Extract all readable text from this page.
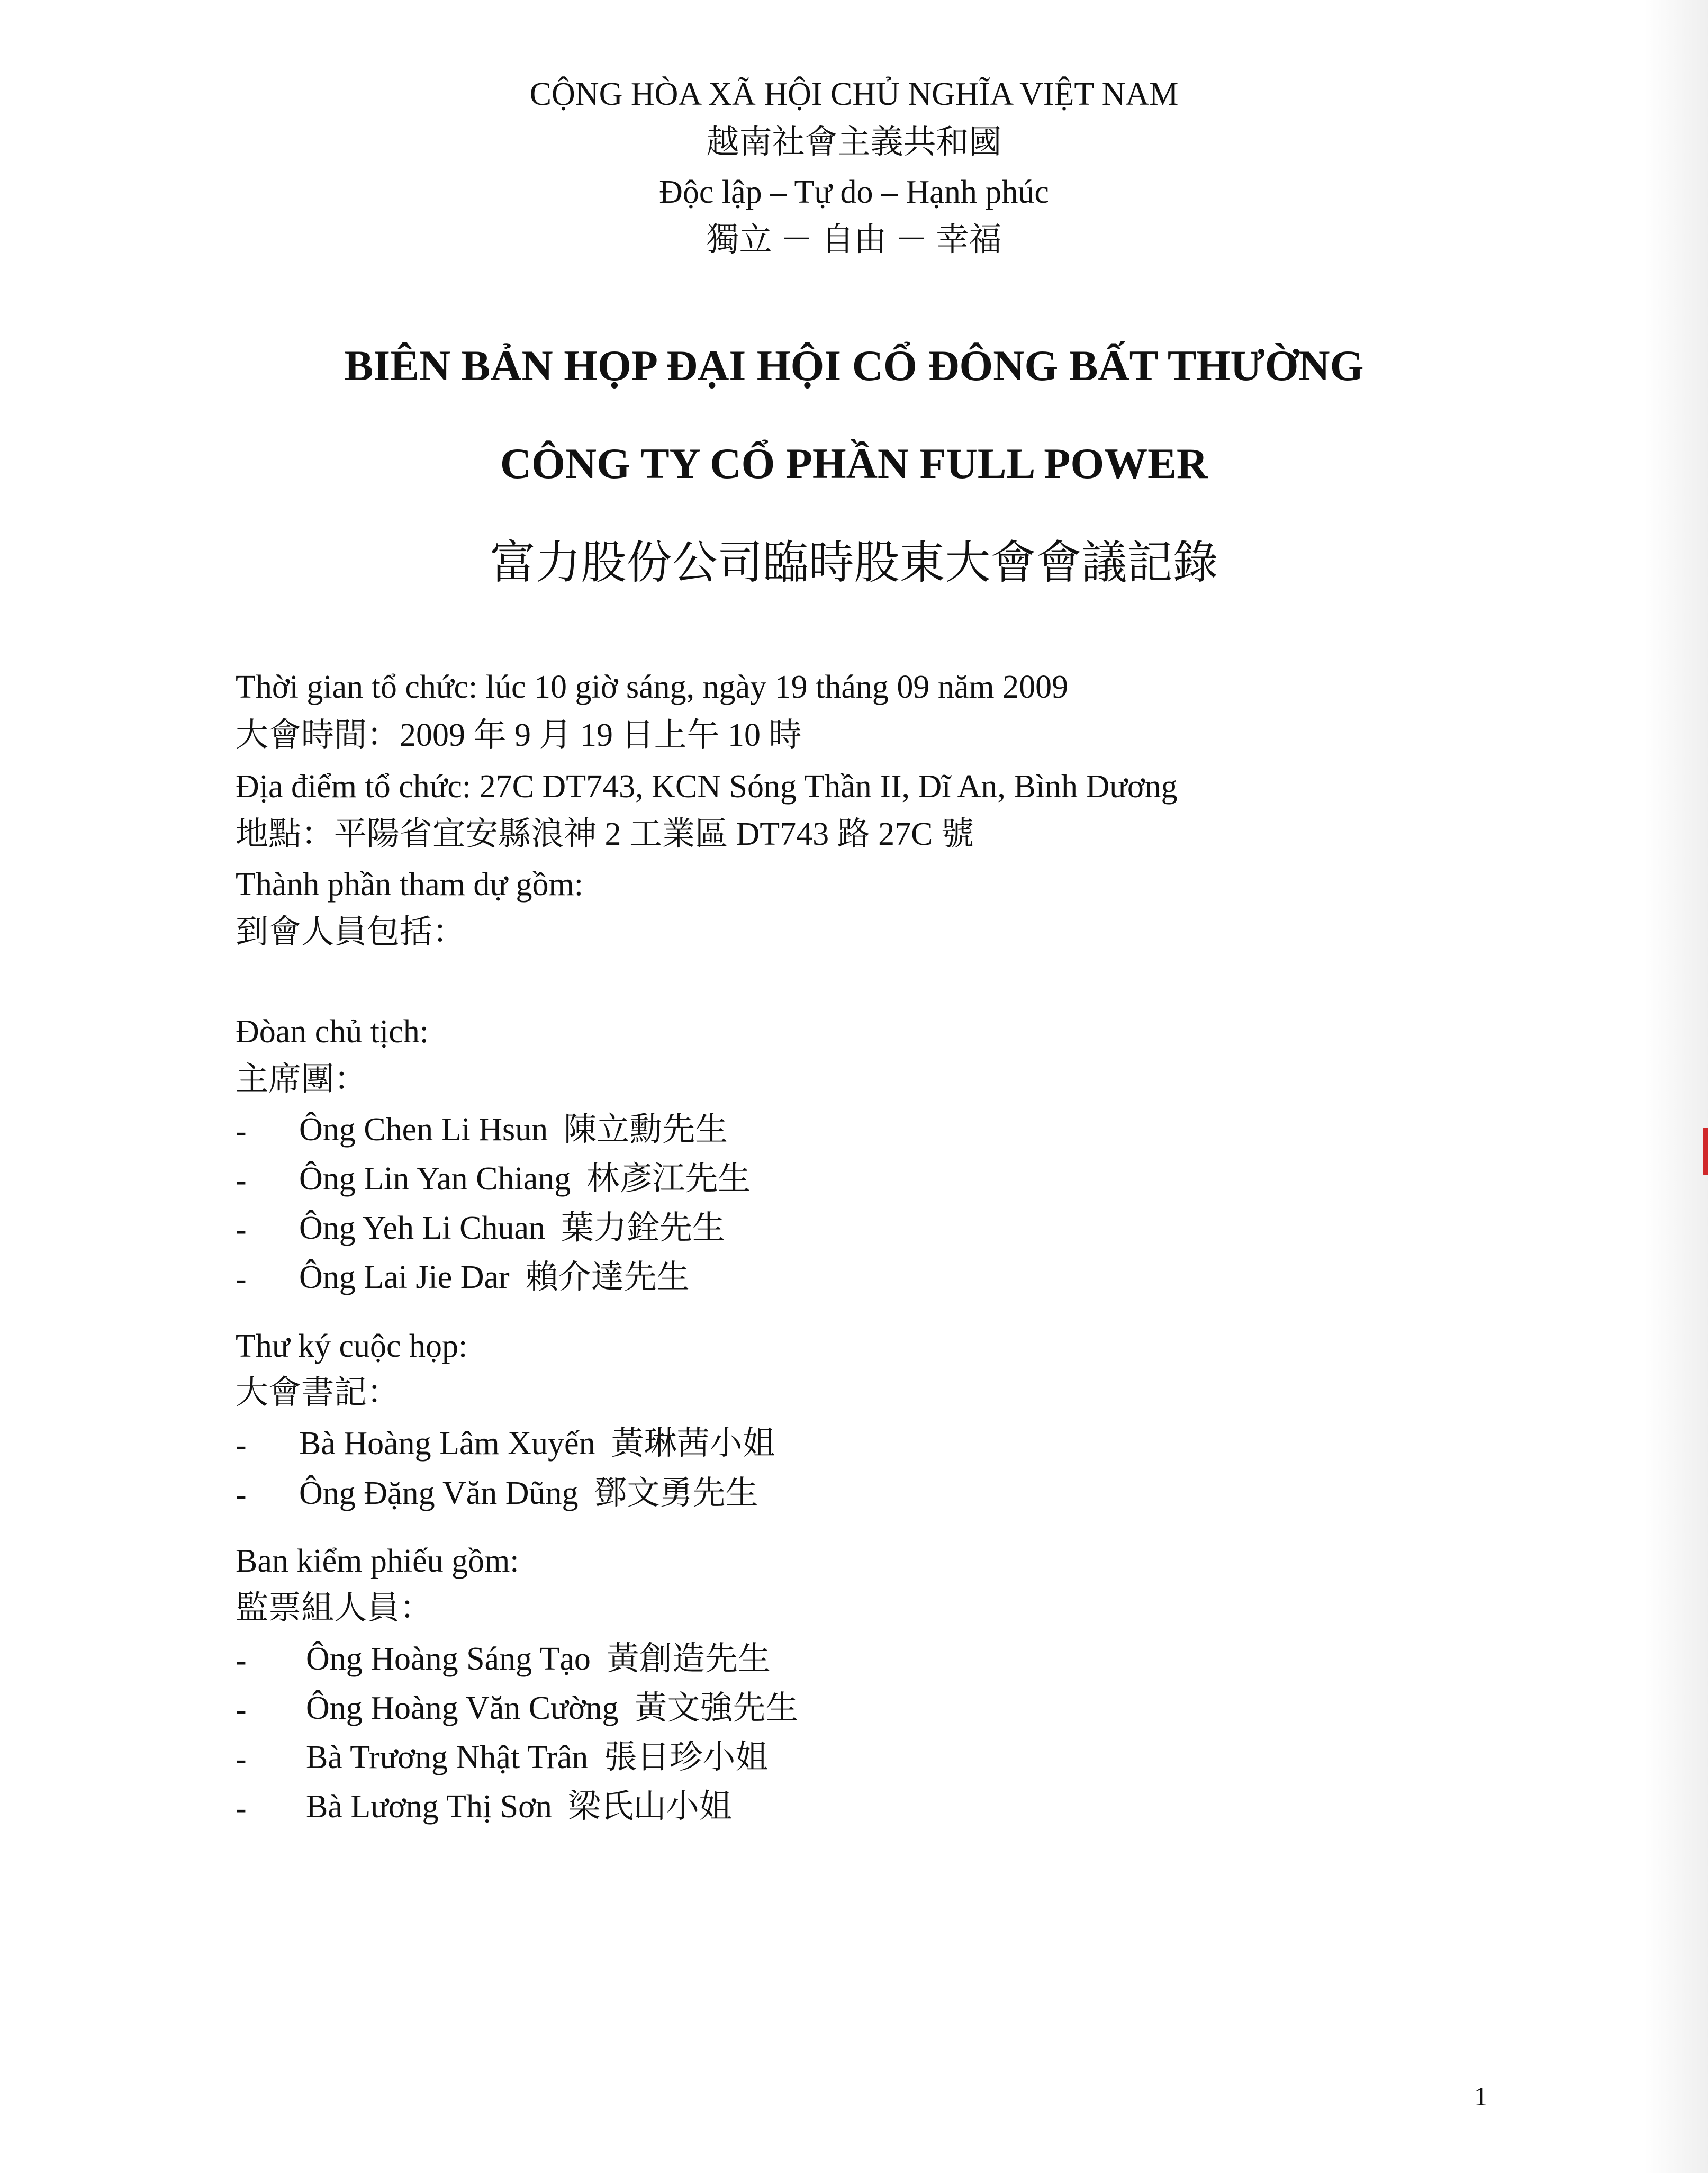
CỘNG HÒA XÃ HỘI CHỦ NGHĨA VIỆT NAM
越南社會主義共和國
Độc lập – Tự do – Hạnh phúc
獨立 － 自由 － 幸福
BIÊN BẢN HỌP ĐẠI HỘI CỔ ĐÔNG BẤT THƯỜNG
CÔNG TY CỔ PHẦN FULL POWER
富力股份公司臨時股東大會會議記錄
Thời gian tổ chức: lúc 10 giờ sáng, ngày 19 tháng 09 năm 2009
大會時間：2009 年 9 月 19 日上午 10 時
Địa điểm tổ chức: 27C DT743, KCN Sóng Thần II, Dĩ An, Bình Dương
地點：平陽省宜安縣浪神 2 工業區 DT743 路 27C 號
Thành phần tham dự gồm:
到會人員包括：
Đòan chủ tịch:
主席團：
- Ông Chen Li Hsun 陳立勳先生
- Ông Lin Yan Chiang 林彥江先生
- Ông Yeh Li Chuan 葉力銓先生
- Ông Lai Jie Dar 賴介達先生
Thư ký cuộc họp:
大會書記：
- Bà Hoàng Lâm Xuyến 黃琳茜小姐
- Ông Đặng Văn Dũng 鄧文勇先生
Ban kiểm phiếu gồm:
監票組人員：
- Ông Hoàng Sáng Tạo 黃創造先生
- Ông Hoàng Văn Cường 黃文強先生
- Bà Trương Nhật Trân 張日珍小姐
- Bà Lương Thị Sơn 梁氏山小姐
1
